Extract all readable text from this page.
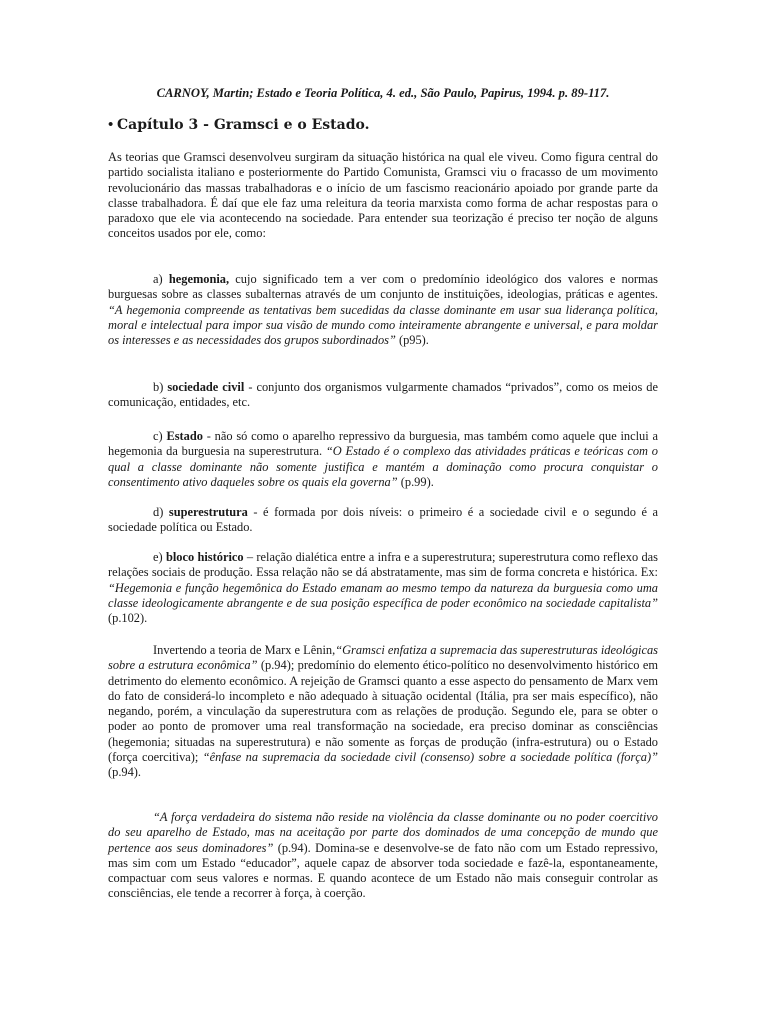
CARNOY, Martin; Estado e Teoria Política, 4. ed., São Paulo, Papirus, 1994. p. 89-117.
• Capítulo 3 - Gramsci e o Estado.

As teorias que Gramsci desenvolveu surgiram da situação histórica na qual ele viveu. Como figura central do partido socialista italiano e posteriormente do Partido Comunista, Gramsci viu o fracasso de um movimento revolucionário das massas trabalhadoras e o início de um fascismo reacionário apoiado por grande parte da classe trabalhadora. É daí que ele faz uma releitura da teoria marxista como forma de achar respostas para o paradoxo que ele via acontecendo na sociedade. Para entender sua teorização é preciso ter noção de alguns conceitos usados por ele, como:

a) hegemonia, cujo significado tem a ver com o predomínio ideológico dos valores e normas burguesas sobre as classes subalternas através de um conjunto de instituições, ideologias, práticas e agentes. “A hegemonia compreende as tentativas bem sucedidas da classe dominante em usar sua liderança política, moral e intelectual para impor sua visão de mundo como inteiramente abrangente e universal, e para moldar os interesses e as necessidades dos grupos subordinados” (p95).

b) sociedade civil - conjunto dos organismos vulgarmente chamados “privados”, como os meios de comunicação, entidades, etc.

c) Estado - não só como o aparelho repressivo da burguesia, mas também como aquele que inclui a hegemonia da burguesia na superestrutura. “O Estado é o complexo das atividades práticas e teóricas com o qual a classe dominante não somente justifica e mantém a dominação como procura conquistar o consentimento ativo daqueles sobre os quais ela governa” (p.99).

d) superestrutura - é formada por dois níveis: o primeiro é a sociedade civil e o segundo é a sociedade política ou Estado.

e) bloco histórico – relação dialética entre a infra e a superestrutura; superestrutura como reflexo das relações sociais de produção. Essa relação não se dá abstratamente, mas sim de forma concreta e histórica. Ex: “Hegemonia e função hegemônica do Estado emanam ao mesmo tempo da natureza da burguesia como uma classe ideologicamente abrangente e de sua posição específica de poder econômico na sociedade capitalista” (p.102).

Invertendo a teoria de Marx e Lênin,“Gramsci enfatiza a supremacia das superestruturas ideológicas sobre a estrutura econômica” (p.94); predomínio do elemento ético-político no desenvolvimento histórico em detrimento do elemento econômico. A rejeição de Gramsci quanto a esse aspecto do pensamento de Marx vem do fato de considerá-lo incompleto e não adequado à situação ocidental (Itália, pra ser mais específico), não negando, porém, a vinculação da superestrutura com as relações de produção. Segundo ele, para se obter o poder ao ponto de promover uma real transformação na sociedade, era preciso dominar as consciências (hegemonia; situadas na superestrutura) e não somente as forças de produção (infra-estrutura) ou o Estado (força coercitiva); “ênfase na supremacia da sociedade civil (consenso) sobre a sociedade política (força)” (p.94).

“A força verdadeira do sistema não reside na violência da classe dominante ou no poder coercitivo do seu aparelho de Estado, mas na aceitação por parte dos dominados de uma concepção de mundo que pertence aos seus dominadores” (p.94). Domina-se e desenvolve-se de fato não com um Estado repressivo, mas sim com um Estado “educador”, aquele capaz de absorver toda sociedade e fazê-la, espontaneamente, compactuar com seus valores e normas. E quando acontece de um Estado não mais conseguir controlar as consciências, ele tende a recorrer à força, à coerção.
